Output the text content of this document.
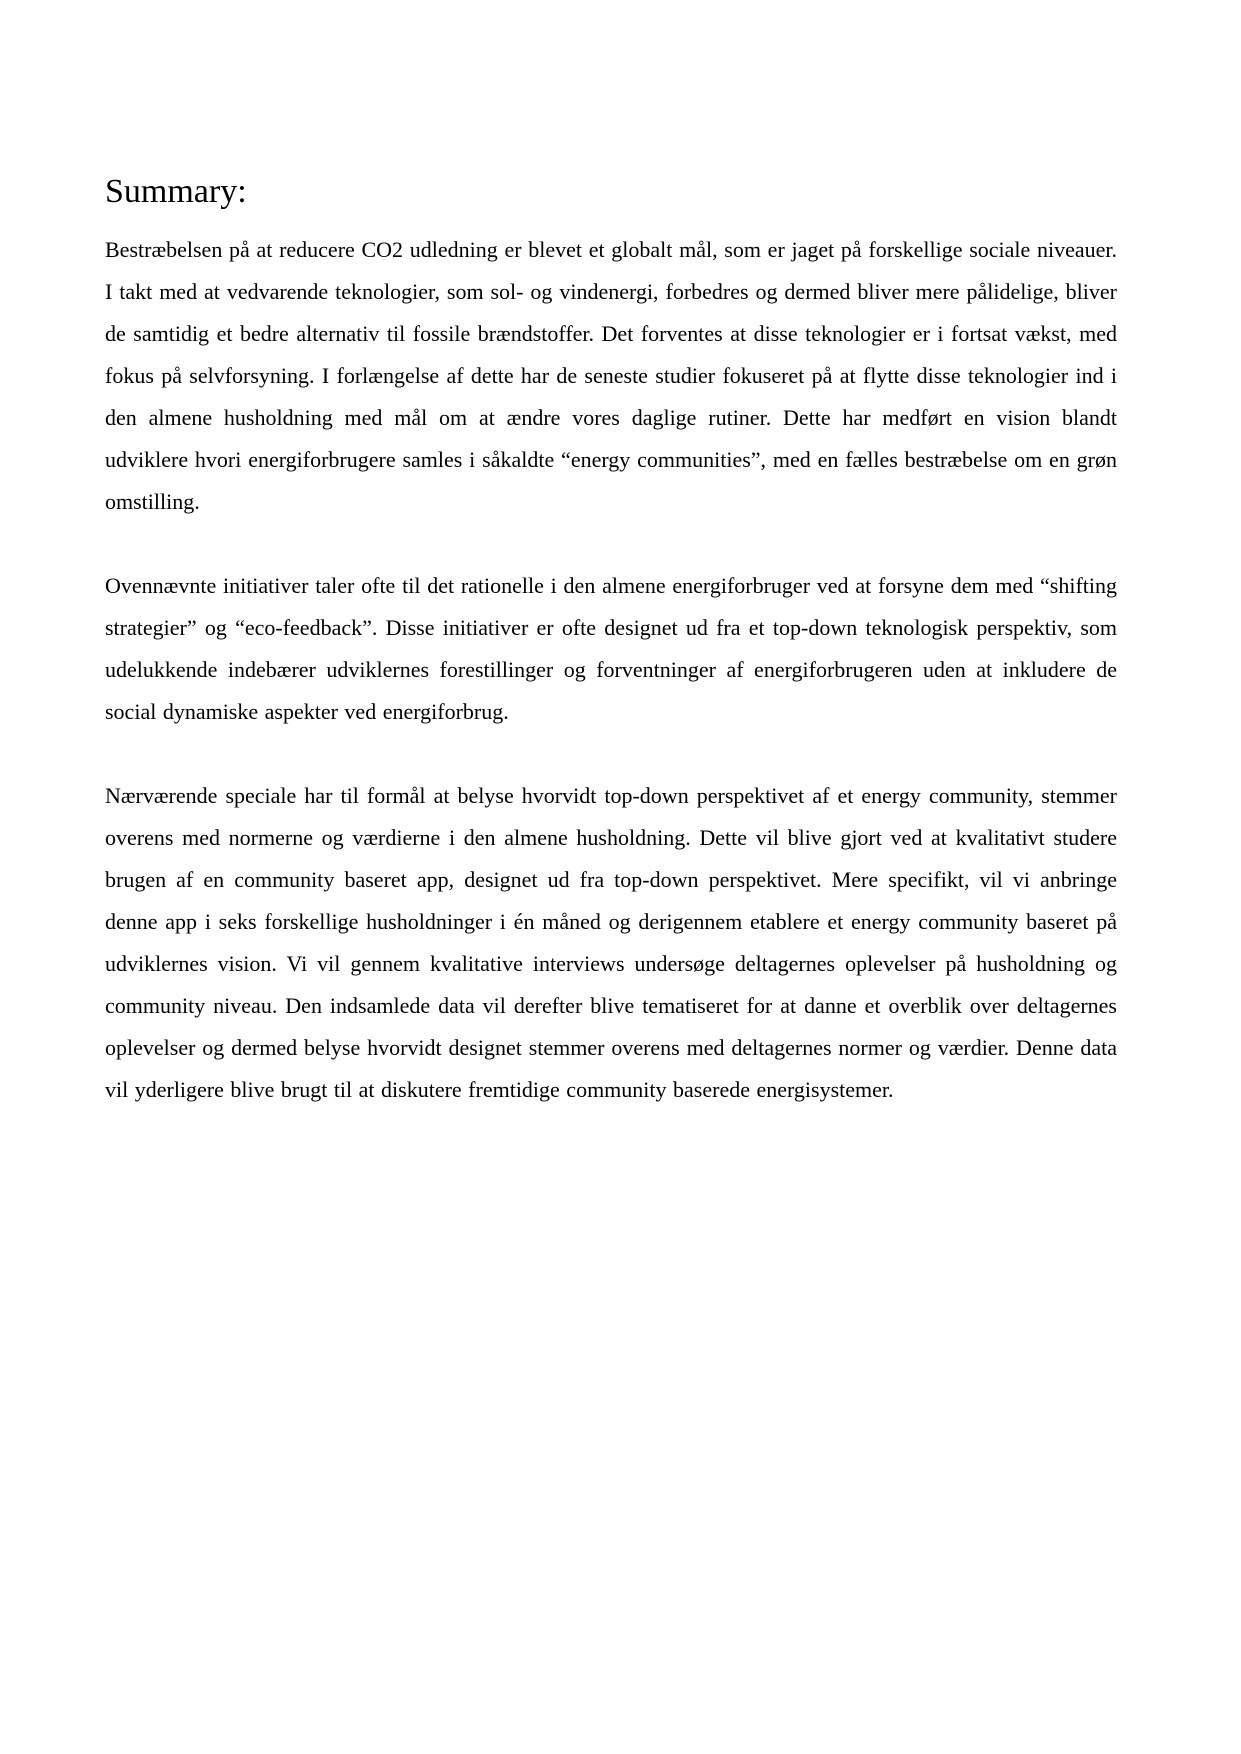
Summary:

Bestræbelsen på at reducere CO2 udledning er blevet et globalt mål, som er jaget på forskellige sociale niveauer. I takt med at vedvarende teknologier, som sol- og vindenergi, forbedres og dermed bliver mere pålidelige, bliver de samtidig et bedre alternativ til fossile brændstoffer. Det forventes at disse teknologier er i fortsat vækst, med fokus på selvforsyning. I forlængelse af dette har de seneste studier fokuseret på at flytte disse teknologier ind i den almene husholdning med mål om at ændre vores daglige rutiner. Dette har medført en vision blandt udviklere hvori energiforbrugere samles i såkaldte “energy communities”, med en fælles bestræbelse om en grøn omstilling.

Ovennævnte initiativer taler ofte til det rationelle i den almene energiforbruger ved at forsyne dem med “shifting strategier” og “eco-feedback”. Disse initiativer er ofte designet ud fra et top-down teknologisk perspektiv, som udelukkende indebærer udviklernes forestillinger og forventninger af energiforbrugeren uden at inkludere de social dynamiske aspekter ved energiforbrug.

Nærværende speciale har til formål at belyse hvorvidt top-down perspektivet af et energy community, stemmer overens med normerne og værdierne i den almene husholdning. Dette vil blive gjort ved at kvalitativt studere brugen af en community baseret app, designet ud fra top-down perspektivet. Mere specifikt, vil vi anbringe denne app i seks forskellige husholdninger i én måned og derigennem etablere et energy community baseret på udviklernes vision. Vi vil gennem kvalitative interviews undersøge deltagernes oplevelser på husholdning og community niveau. Den indsamlede data vil derefter blive tematiseret for at danne et overblik over deltagernes oplevelser og dermed belyse hvorvidt designet stemmer overens med deltagernes normer og værdier. Denne data vil yderligere blive brugt til at diskutere fremtidige community baserede energisystemer.
